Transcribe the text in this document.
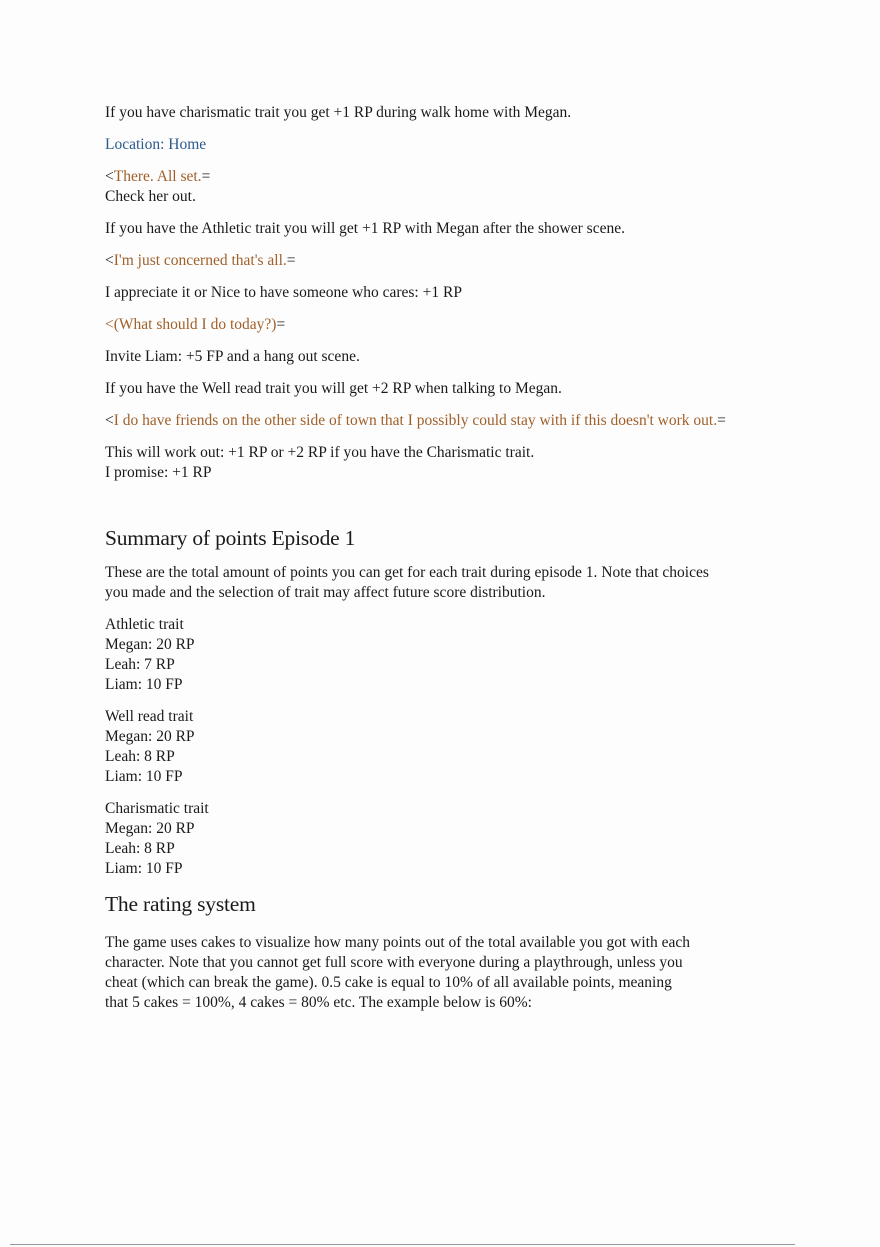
If you have charismatic trait you get +1 RP during walk home with Megan.

Location: Home

<There. All set.=

Check her out.

If you have the Athletic trait you will get +1 RP with Megan after the shower scene.

<I'm just concerned that's all.=

I appreciate it or Nice to have someone who cares: +1 RP

<(What should I do today?)=

Invite Liam: +5 FP and a hang out scene.

If you have the Well read trait you will get +2 RP when talking to Megan.

<I do have friends on the other side of town that I possibly could stay with if this doesn't work out.=

This will work out: +1 RP or +2 RP if you have the Charismatic trait.

I promise: +1 RP

Summary of points Episode 1

These are the total amount of points you can get for each trait during episode 1. Note that choices you made and the selection of trait may affect future score distribution.

Athletic trait

Megan: 20 RP

Leah: 7 RP

Liam: 10 FP

Well read trait

Megan: 20 RP

Leah: 8 RP

Liam: 10 FP

Charismatic trait

Megan: 20 RP

Leah: 8 RP

Liam: 10 FP

The rating system

The game uses cakes to visualize how many points out of the total available you got with each character. Note that you cannot get full score with everyone during a playthrough, unless you cheat (which can break the game). 0.5 cake is equal to 10% of all available points, meaning that 5 cakes = 100%, 4 cakes = 80% etc. The example below is 60%:
